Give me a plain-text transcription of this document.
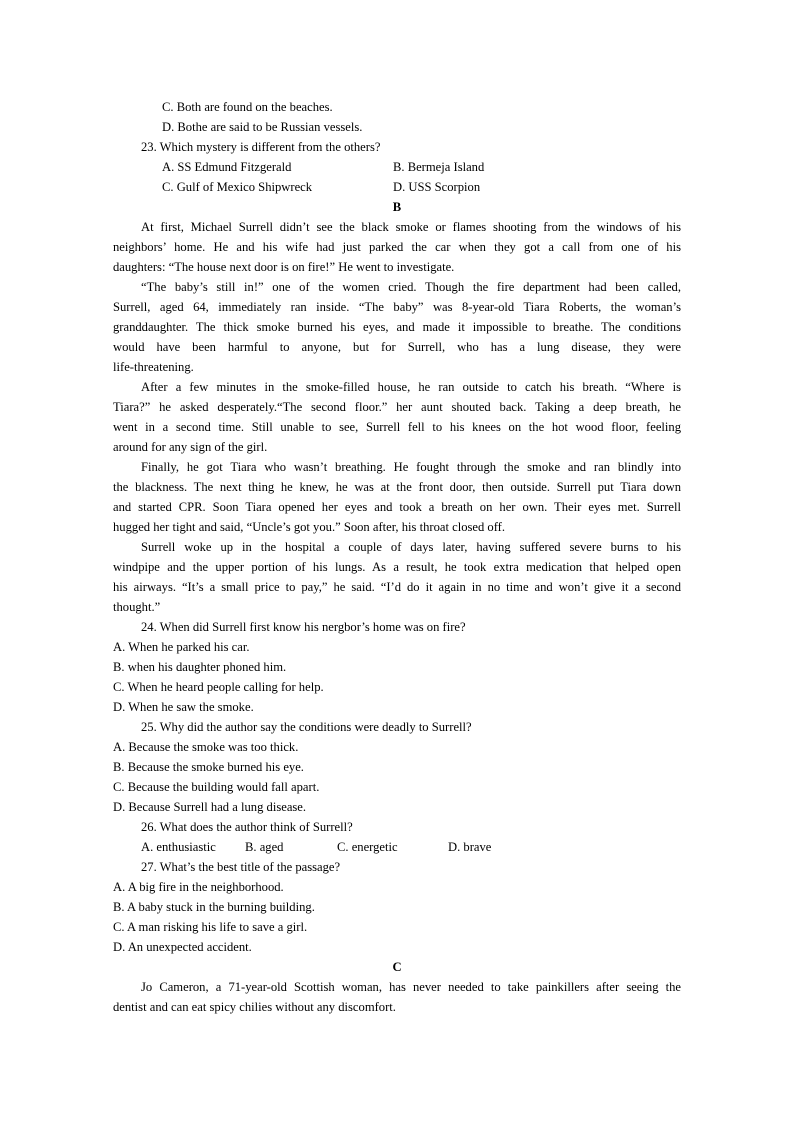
C. Both are found on the beaches.
D. Bothe are said to be Russian vessels.
23. Which mystery is different from the others?
A. SS Edmund Fitzgerald	B. Bermeja Island
C. Gulf of Mexico Shipwreck	D. USS Scorpion
B
At first, Michael Surrell didn’t see the black smoke or flames shooting from the windows of his
neighbors’ home. He and his wife had just parked the car when they got a call from one of his
daughters: “The house next door is on fire!” He went to investigate.
“The baby’s still in!” one of the women cried. Though the fire department had been called,
Surrell, aged 64, immediately ran inside. “The baby” was 8-year-old Tiara Roberts, the woman’s
granddaughter. The thick smoke burned his eyes, and made it impossible to breathe. The conditions
would have been harmful to anyone, but for Surrell, who has a lung disease, they were
life-threatening.
After a few minutes in the smoke-filled house, he ran outside to catch his breath. “Where is
Tiara?” he asked desperately.“The second floor.” her aunt shouted back. Taking a deep breath, he
went in a second time. Still unable to see, Surrell fell to his knees on the hot wood floor, feeling
around for any sign of the girl.
Finally, he got Tiara who wasn’t breathing. He fought through the smoke and ran blindly into
the blackness. The next thing he knew, he was at the front door, then outside. Surrell put Tiara down
and started CPR. Soon Tiara opened her eyes and took a breath on her own. Their eyes met. Surrell
hugged her tight and said, “Uncle’s got you.” Soon after, his throat closed off.
Surrell woke up in the hospital a couple of days later, having suffered severe burns to his
windpipe and the upper portion of his lungs. As a result, he took extra medication that helped open
his airways. “It’s a small price to pay,” he said. “I’d do it again in no time and won’t give it a second
thought.”
24. When did Surrell first know his nergbor’s home was on fire?
A. When he parked his car.
B. when his daughter phoned him.
C. When he heard people calling for help.
D. When he saw the smoke.
25. Why did the author say the conditions were deadly to Surrell?
A. Because the smoke was too thick.
B. Because the smoke burned his eye.
C. Because the building would fall apart.
D. Because Surrell had a lung disease.
26. What does the author think of Surrell?
A. enthusiastic B. aged	C. energetic	D. brave
27. What’s the best title of the passage?
A. A big fire in the neighborhood.
B. A baby stuck in the burning building.
C. A man risking his life to save a girl.
D. An unexpected accident.
C
Jo Cameron, a 71-year-old Scottish woman, has never needed to take painkillers after seeing the
dentist and can eat spicy chilies without any discomfort.
